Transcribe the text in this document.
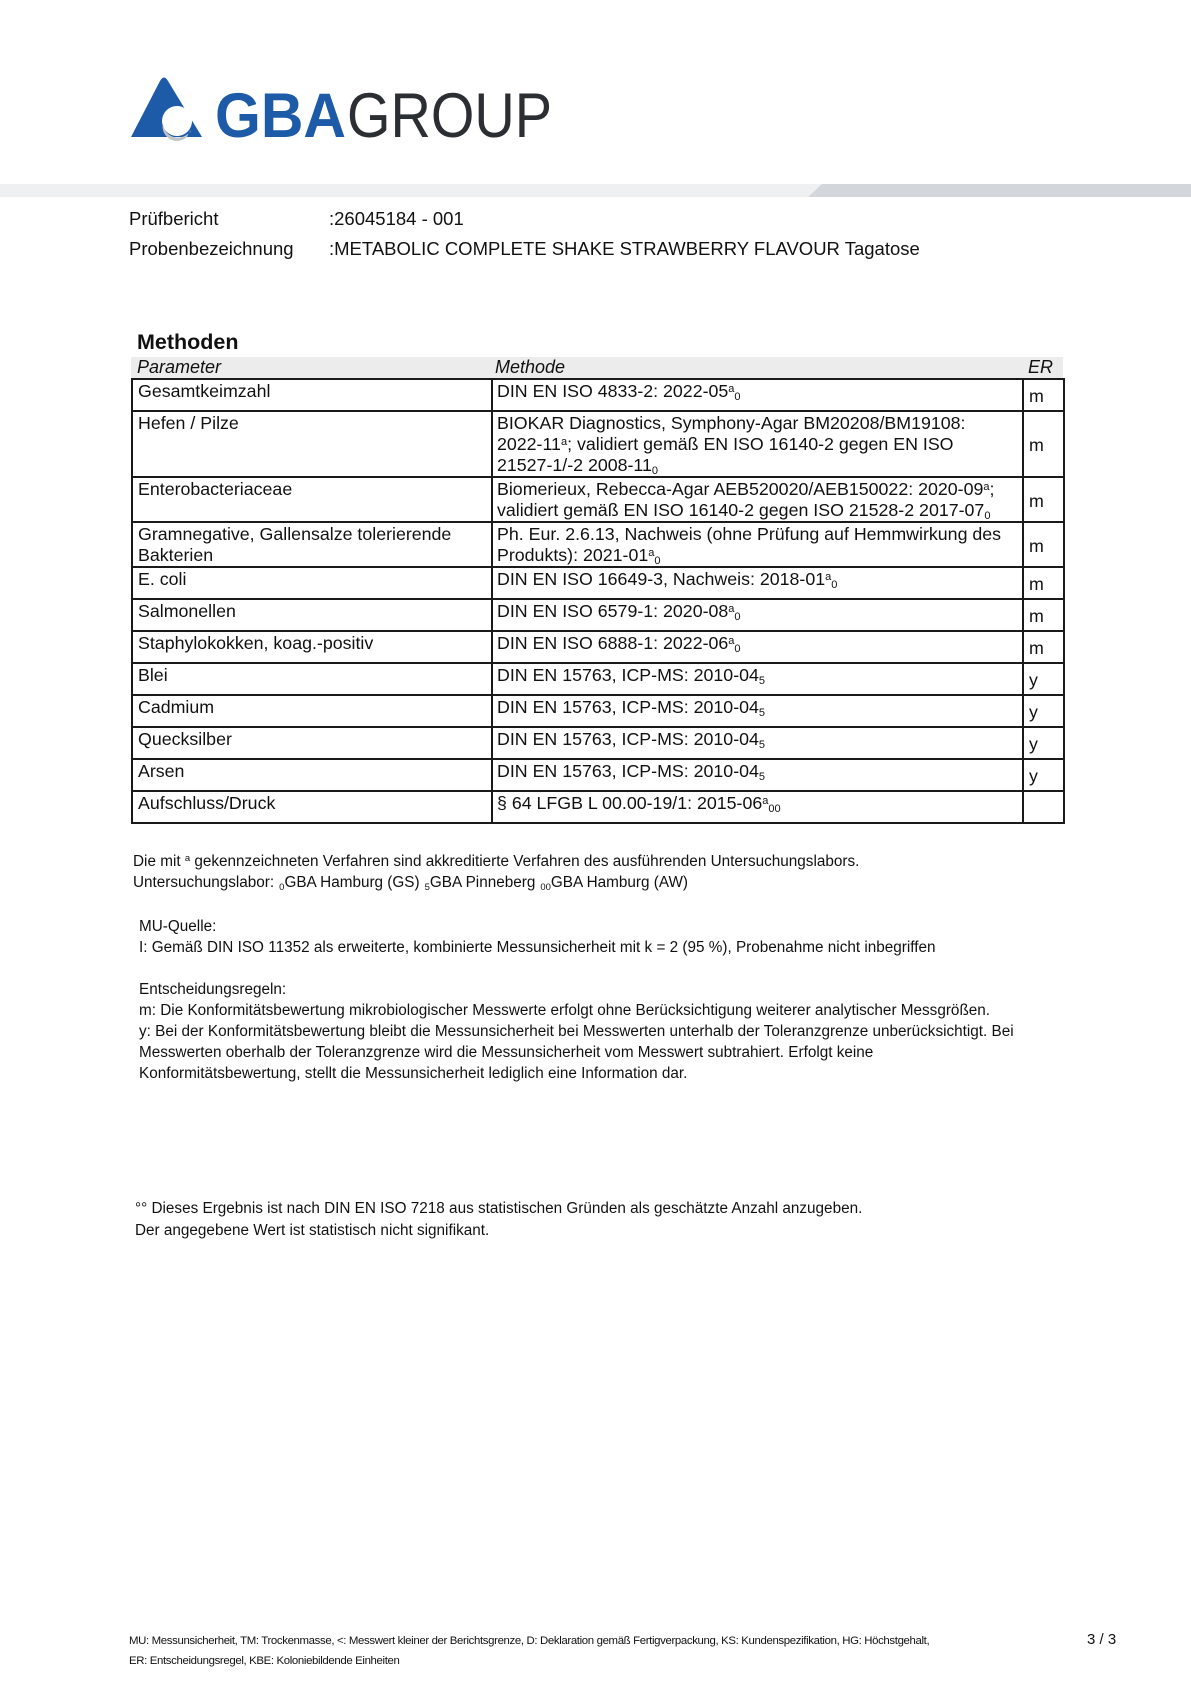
GBA GROUP
Prüfbericht	:26045184 - 001
Probenbezeichnung :METABOLIC COMPLETE SHAKE STRAWBERRY FLAVOUR Tagatose
Methoden
Parameter	Methode	ER
Gesamtkeimzahl	DIN EN ISO 4833-2: $2022-05^a_0$	m
Hefen / Pilze	BIOKAR Diagnostics, Symphony-Agar BM20208/BM19108:
2022-11$^a$; validiert gemäß EN ISO 16140-2 gegen EN ISO
21527-1/-2 $2008-11_0$	m
Enterobacteriaceae	Biomerieux, Rebecca-Agar AEB520020/AEB150022: 2020-09$^a$;
validiert gemäß EN ISO 16140-2 gegen ISO 21528-2 $2017-07_0$	m
Gramnegative, Gallensalze tolerierende
Bakterien	Ph. Eur. 2.6.13, Nachweis (ohne Prüfung auf Hemmwirkung des
Produkts): $2021-01^a_0$	m
E. coli	DIN EN ISO 16649-3, Nachweis: $2018-01^a_0$	m
Salmonellen	DIN EN ISO 6579-1: $2020-08^a_0$	m
Staphylokokken, koag.-positiv	DIN EN ISO 6888-1: $2022-06^a_0$	m
Blei	DIN EN 15763, ICP-MS: $2010-04_5$	y
Cadmium	DIN EN 15763, ICP-MS: $2010-04_5$	y
Quecksilber	DIN EN 15763, ICP-MS: $2010-04_5$	y
Arsen	DIN EN 15763, ICP-MS: $2010-04_5$	y
Aufschluss/Druck	§ 64 LFGB L 00.00-19/1: $2015-06^a_{00}$	
Die mit $^a$ gekennzeichneten Verfahren sind akkreditierte Verfahren des ausführenden Untersuchungslabors.
Untersuchungslabor: $_0$GBA Hamburg (GS) $_5$GBA Pinneberg $_{00}$GBA Hamburg (AW)
MU-Quelle:
I: Gemäß DIN ISO 11352 als erweiterte, kombinierte Messunsicherheit mit k = 2 (95 %), Probenahme nicht inbegriffen
Entscheidungsregeln:
m: Die Konformitätsbewertung mikrobiologischer Messwerte erfolgt ohne Berücksichtigung weiterer analytischer Messgrößen.
y: Bei der Konformitätsbewertung bleibt die Messunsicherheit bei Messwerten unterhalb der Toleranzgrenze unberücksichtigt. Bei
Messwerten oberhalb der Toleranzgrenze wird die Messunsicherheit vom Messwert subtrahiert. Erfolgt keine
Konformitätsbewertung, stellt die Messunsicherheit lediglich eine Information dar.
°° Dieses Ergebnis ist nach DIN EN ISO 7218 aus statistischen Gründen als geschätzte Anzahl anzugeben.
Der angegebene Wert ist statistisch nicht signifikant.
MU: Messunsicherheit, TM: Trockenmasse, <: Messwert kleiner der Berichtsgrenze, D: Deklaration gemäß Fertigverpackung, KS: Kundenspezifikation, HG: Höchstgehalt,
ER: Entscheidungsregel, KBE: Koloniebildende Einheiten
3 / 3
